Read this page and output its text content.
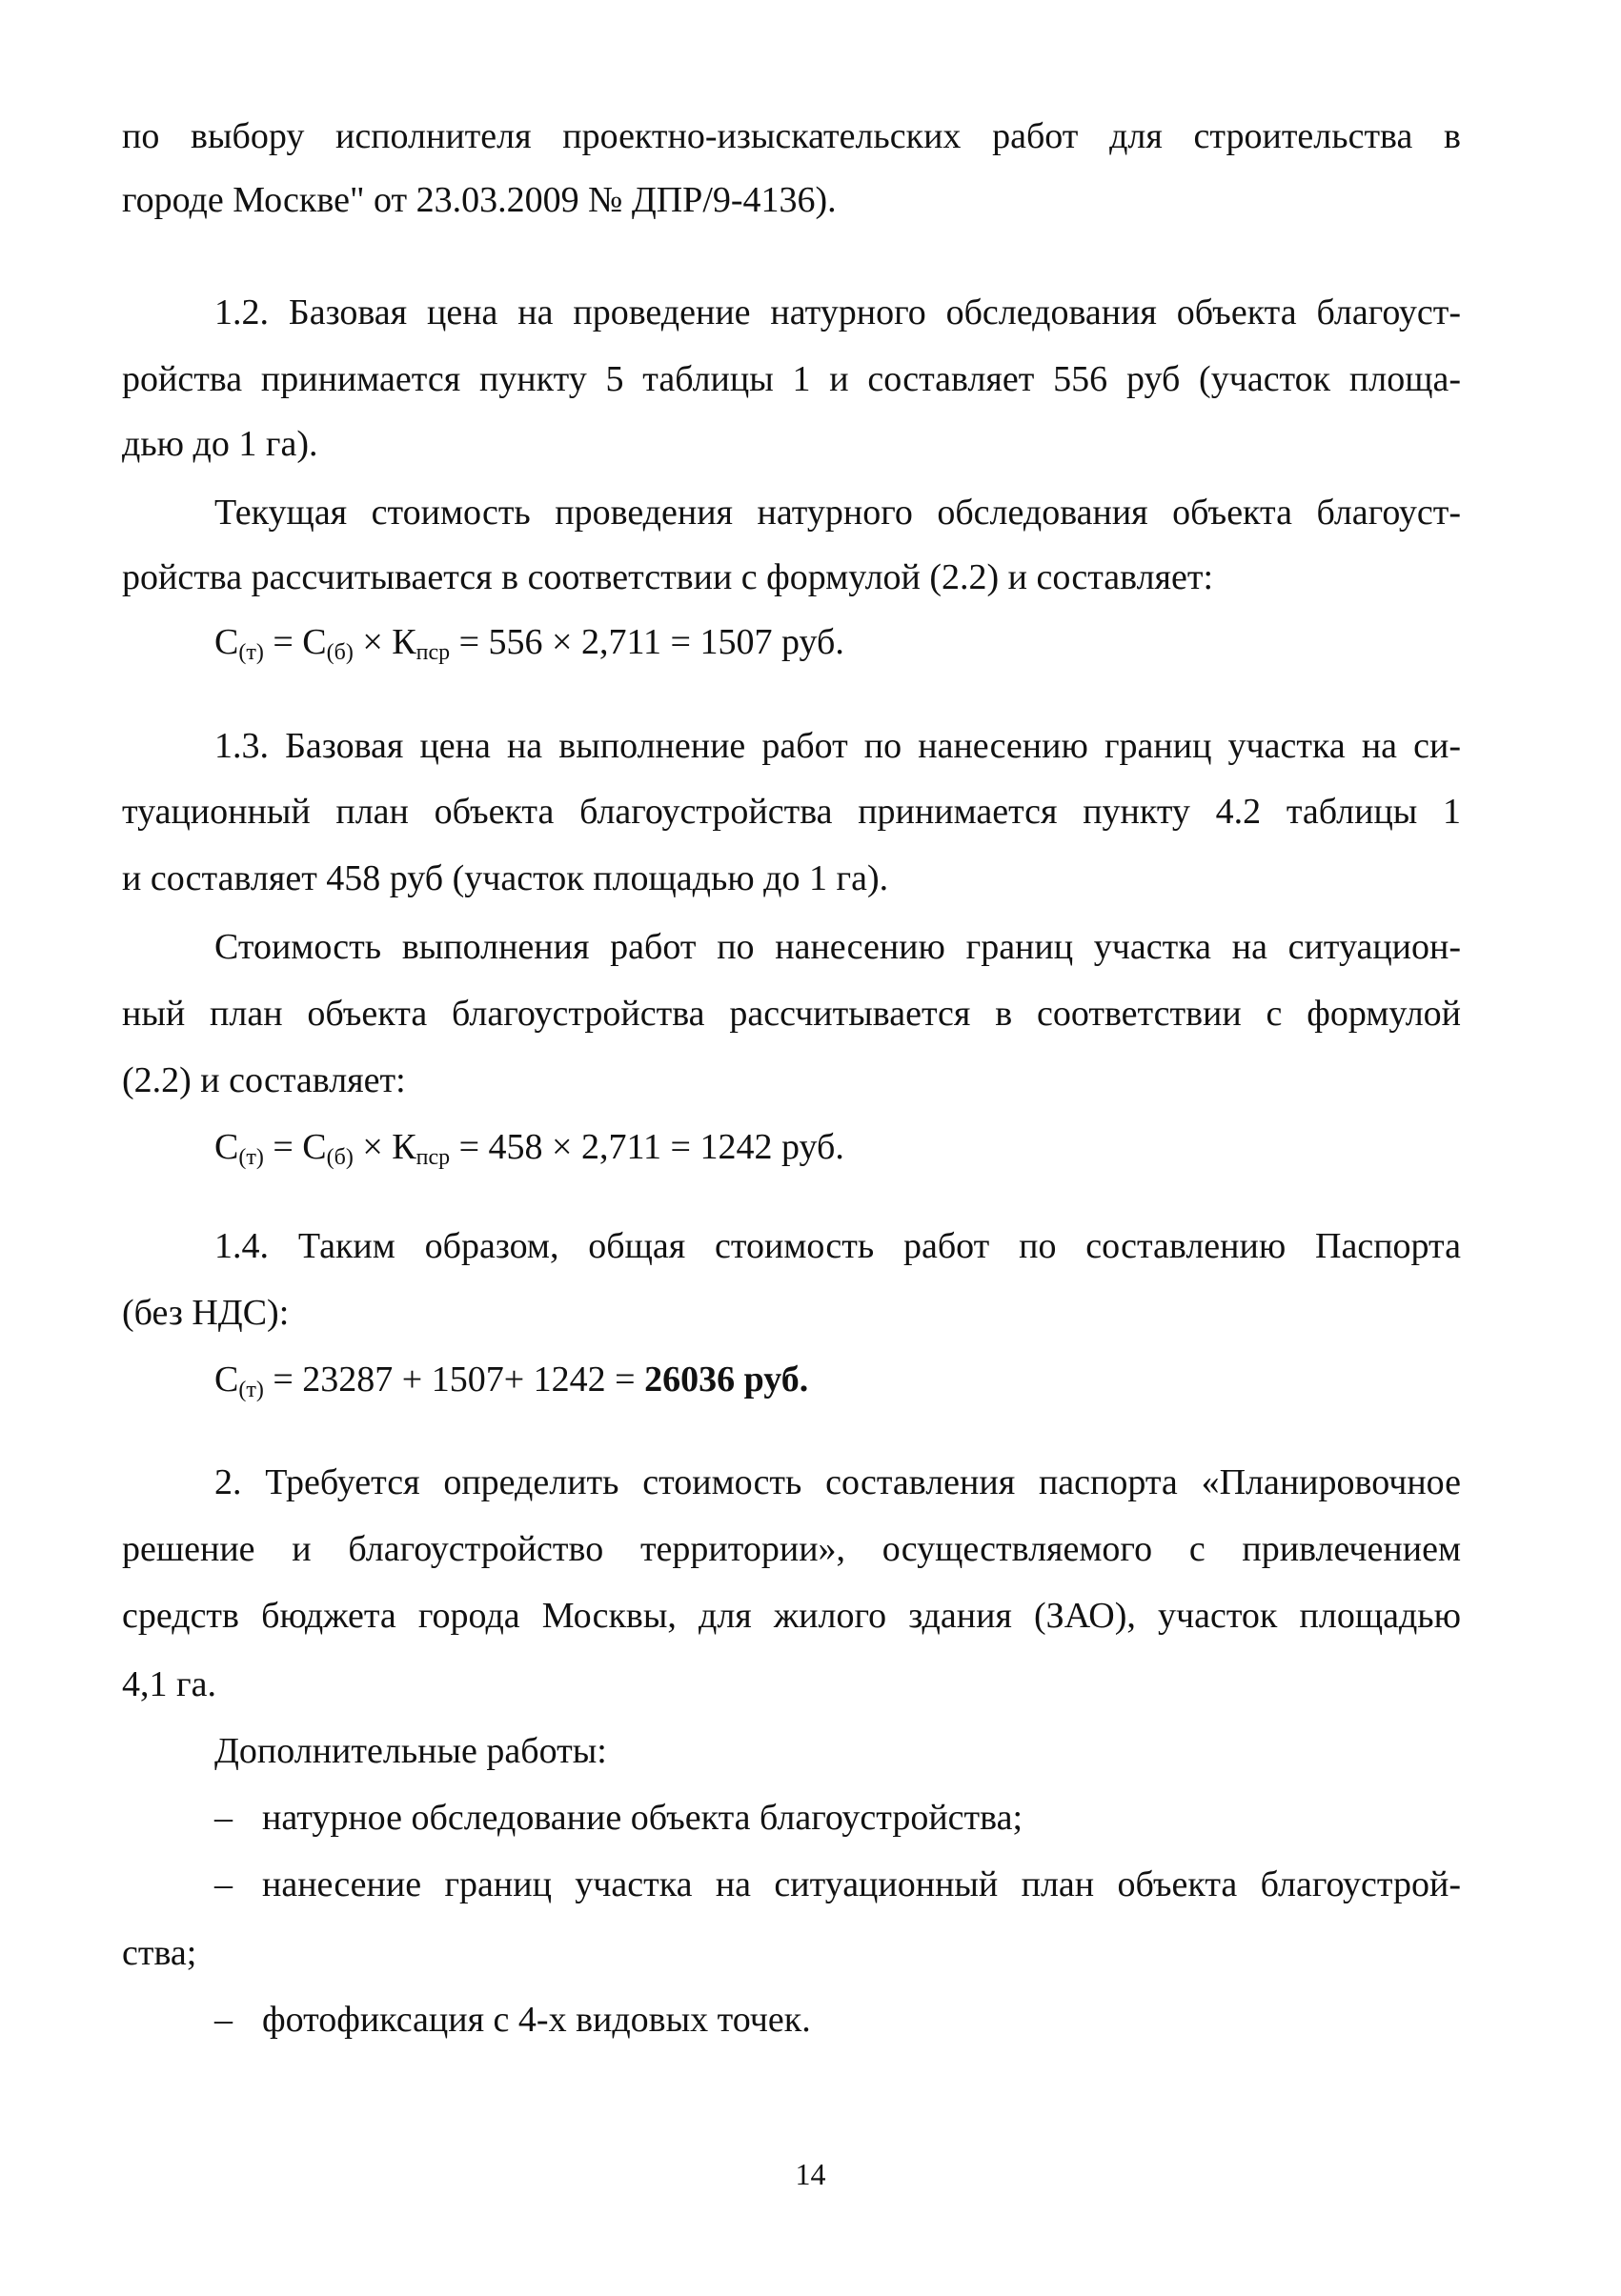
14
по выбору исполнителя проектно-изыскательских работ для строительства в
городе Москве" от 23.03.2009 № ДПР/9-4136).
1.2. Базовая цена на проведение натурного обследования объекта благоуст-
ройства принимается пункту 5 таблицы 1 и составляет 556 руб (участок площа-
дью до 1 га).
Текущая стоимость проведения натурного обследования объекта благоуст-
ройства рассчитывается в соответствии с формулой (2.2) и составляет:
1.3. Базовая цена на выполнение работ по нанесению границ участка на си-
туационный план объекта благоустройства принимается пункту 4.2 таблицы 1
и составляет 458 руб (участок площадью до 1 га).
Стоимость выполнения работ по нанесению границ участка на ситуацион-
ный план объекта благоустройства рассчитывается в соответствии с формулой
(2.2) и составляет:
1.4. Таким образом, общая стоимость работ по составлению Паспорта
(без НДС):
2. Требуется определить стоимость составления паспорта «Планировочное
решение и благоустройство территории», осуществляемого с привлечением
средств бюджета города Москвы, для жилого здания (ЗАО), участок площадью
4,1 га.
Дополнительные работы:
$С_{(т)} = С_{(б)} \times К_{пср} = 556 \times 2,711 = 1507$ руб.
$С_{(т)} = С_{(б)} \times К_{пср} = 458 \times 2,711 = 1242$ руб.
$С_{(т)} = 23287 + 1507+ 1242 = 26036$ руб.
– натурное обследование объекта благоустройства;
– нанесение границ участка на ситуационный план объекта благоустрой-
ства;
– фотофиксация с 4-х видовых точек.
